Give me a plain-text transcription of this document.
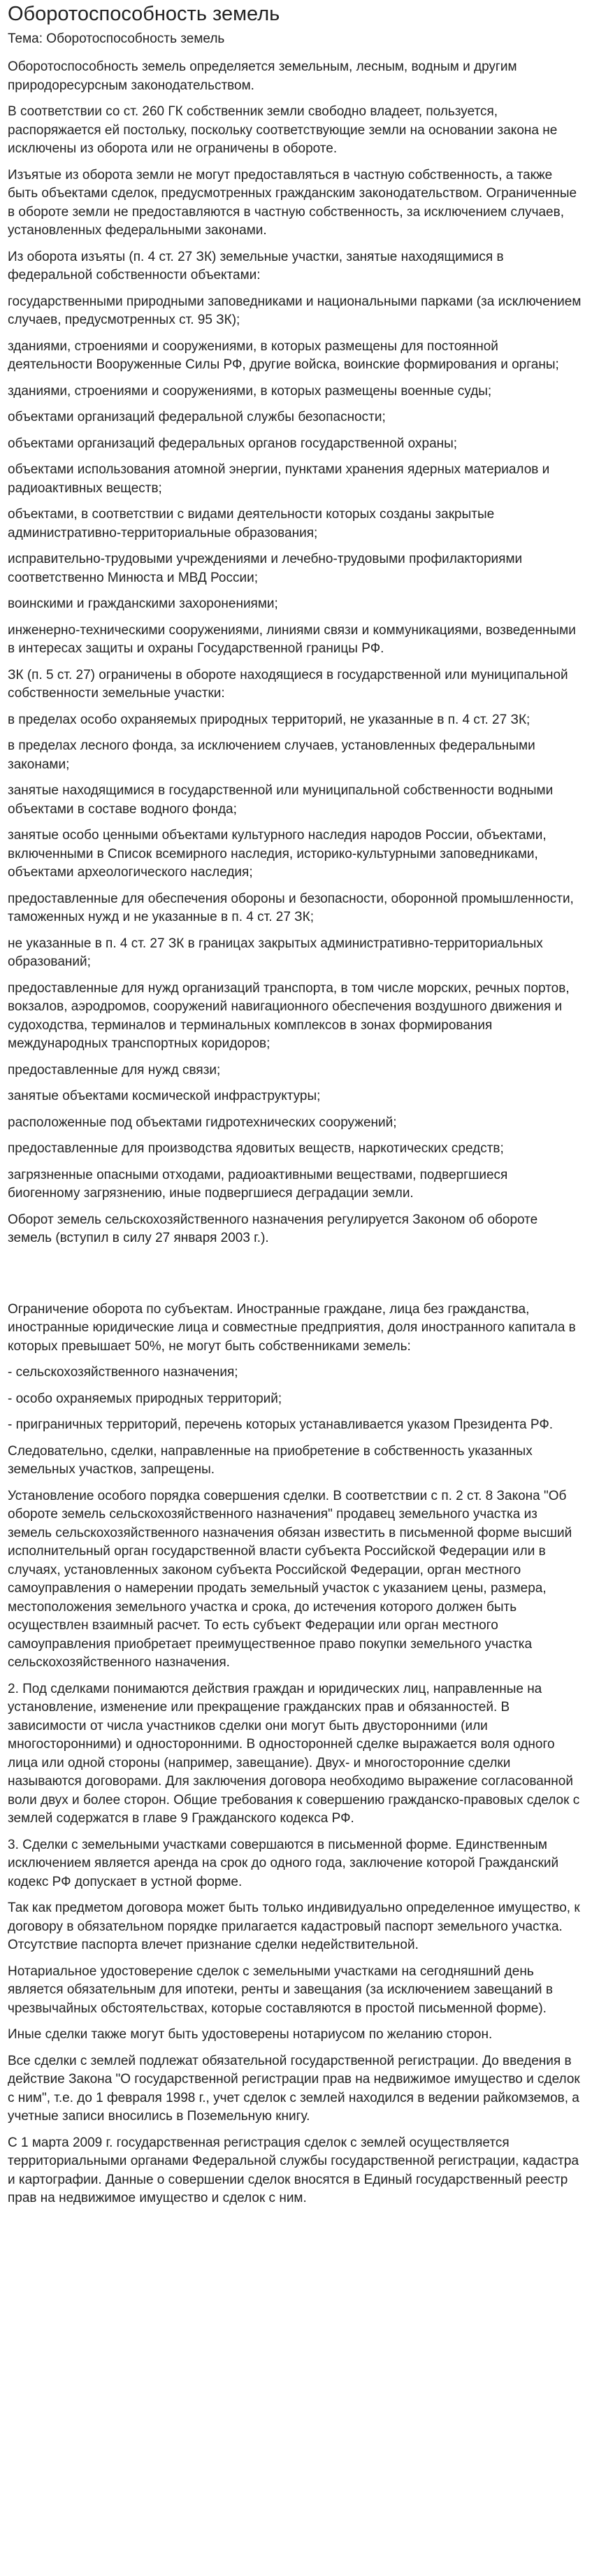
Оборотоспособность земель
Тема: Оборотоспособность земель

Оборотоспособность земель определяется земельным, лесным, водным и другим природоресурсным законодательством.

В соответствии со ст. 260 ГК собственник земли свободно владеет, пользуется, распоряжается ей постольку, поскольку соответствующие земли на основании закона не исключены из оборота или не ограничены в обороте.

Изъятые из оборота земли не могут предоставляться в частную собственность, а также быть объектами сделок, предусмотренных гражданским законодательством. Ограниченные в обороте земли не предоставляются в частную собственность, за исключением случаев, установленных федеральными законами.

Из оборота изъяты (п. 4 ст. 27 ЗК) земельные участки, занятые находящимися в федеральной собственности объектами:

государственными природными заповедниками и национальными парками (за исключением случаев, предусмотренных ст. 95 ЗК);

зданиями, строениями и сооружениями, в которых размещены для постоянной деятельности Вооруженные Силы РФ, другие войска, воинские формирования и органы;

зданиями, строениями и сооружениями, в которых размещены военные суды;

объектами организаций федеральной службы безопасности;

объектами организаций федеральных органов государственной охраны;

объектами использования атомной энергии, пунктами хранения ядерных материалов и радиоактивных веществ;

объектами, в соответствии с видами деятельности которых созданы закрытые административно-территориальные образования;

исправительно-трудовыми учреждениями и лечебно-трудовыми профилакториями соответственно Минюста и МВД России;

воинскими и гражданскими захоронениями;

инженерно-техническими сооружениями, линиями связи и коммуникациями, возведенными в интересах защиты и охраны Государственной границы РФ.

ЗК (п. 5 ст. 27) ограничены в обороте находящиеся в государственной или муниципальной собственности земельные участки:

в пределах особо охраняемых природных территорий, не указанные в п. 4 ст. 27 ЗК;

в пределах лесного фонда, за исключением случаев, установленных федеральными законами;

занятые находящимися в государственной или муниципальной собственности водными объектами в составе водного фонда;

занятые особо ценными объектами культурного наследия народов России, объектами, включенными в Список всемирного наследия, историко-культурными заповедниками, объектами археологического наследия;

предоставленные для обеспечения обороны и безопасности, оборонной промышленности, таможенных нужд и не указанные в п. 4 ст. 27 ЗК;

не указанные в п. 4 ст. 27 ЗК в границах закрытых административно-территориальных образований;

предоставленные для нужд организаций транспорта, в том числе морских, речных портов, вокзалов, аэродромов, сооружений навигационного обеспечения воздушного движения и судоходства, терминалов и терминальных комплексов в зонах формирования международных транспортных коридоров;

предоставленные для нужд связи;

занятые объектами космической инфраструктуры;

расположенные под объектами гидротехнических сооружений;

предоставленные для производства ядовитых веществ, наркотических средств;

загрязненные опасными отходами, радиоактивными веществами, подвергшиеся биогенному загрязнению, иные подвергшиеся деградации земли.

Оборот земель сельскохозяйственного назначения регулируется Законом об обороте земель (вступил в силу 27 января 2003 г.).

Ограничение оборота по субъектам. Иностранные граждане, лица без гражданства, иностранные юридические лица и совместные предприятия, доля иностранного капитала в которых превышает 50%, не могут быть собственниками земель:

- сельскохозяйственного назначения;

- особо охраняемых природных территорий;

- приграничных территорий, перечень которых устанавливается указом Президента РФ.

Следовательно, сделки, направленные на приобретение в собственность указанных земельных участков, запрещены.

Установление особого порядка совершения сделки. В соответствии с п. 2 ст. 8 Закона "Об обороте земель сельскохозяйственного назначения" продавец земельного участка из земель сельскохозяйственного назначения обязан известить в письменной форме высший исполнительный орган государственной власти субъекта Российской Федерации или в случаях, установленных законом субъекта Российской Федерации, орган местного самоуправления о намерении продать земельный участок с указанием цены, размера, местоположения земельного участка и срока, до истечения которого должен быть осуществлен взаимный расчет. То есть субъект Федерации или орган местного самоуправления приобретает преимущественное право покупки земельного участка сельскохозяйственного назначения.

2. Под сделками понимаются действия граждан и юридических лиц, направленные на установление, изменение или прекращение гражданских прав и обязанностей. В зависимости от числа участников сделки они могут быть двусторонними (или многосторонними) и односторонними. В односторонней сделке выражается воля одного лица или одной стороны (например, завещание). Двух- и многосторонние сделки называются договорами. Для заключения договора необходимо выражение согласованной воли двух и более сторон. Общие требования к совершению гражданско-правовых сделок с землей содержатся в главе 9 Гражданского кодекса РФ.

3. Сделки с земельными участками совершаются в письменной форме. Единственным исключением является аренда на срок до одного года, заключение которой Гражданский кодекс РФ допускает в устной форме.

Так как предметом договора может быть только индивидуально определенное имущество, к договору в обязательном порядке прилагается кадастровый паспорт земельного участка. Отсутствие паспорта влечет признание сделки недействительной.

Нотариальное удостоверение сделок с земельными участками на сегодняшний день является обязательным для ипотеки, ренты и завещания (за исключением завещаний в чрезвычайных обстоятельствах, которые составляются в простой письменной форме).

Иные сделки также могут быть удостоверены нотариусом по желанию сторон.

Все сделки с землей подлежат обязательной государственной регистрации. До введения в действие Закона "О государственной регистрации прав на недвижимое имущество и сделок с ним", т.е. до 1 февраля 1998 г., учет сделок с землей находился в ведении райкомземов, а учетные записи вносились в Поземельную книгу.

С 1 марта 2009 г. государственная регистрация сделок с землей осуществляется территориальными органами Федеральной службы государственной регистрации, кадастра и картографии. Данные о совершении сделок вносятся в Единый государственный реестр прав на недвижимое имущество и сделок с ним.
